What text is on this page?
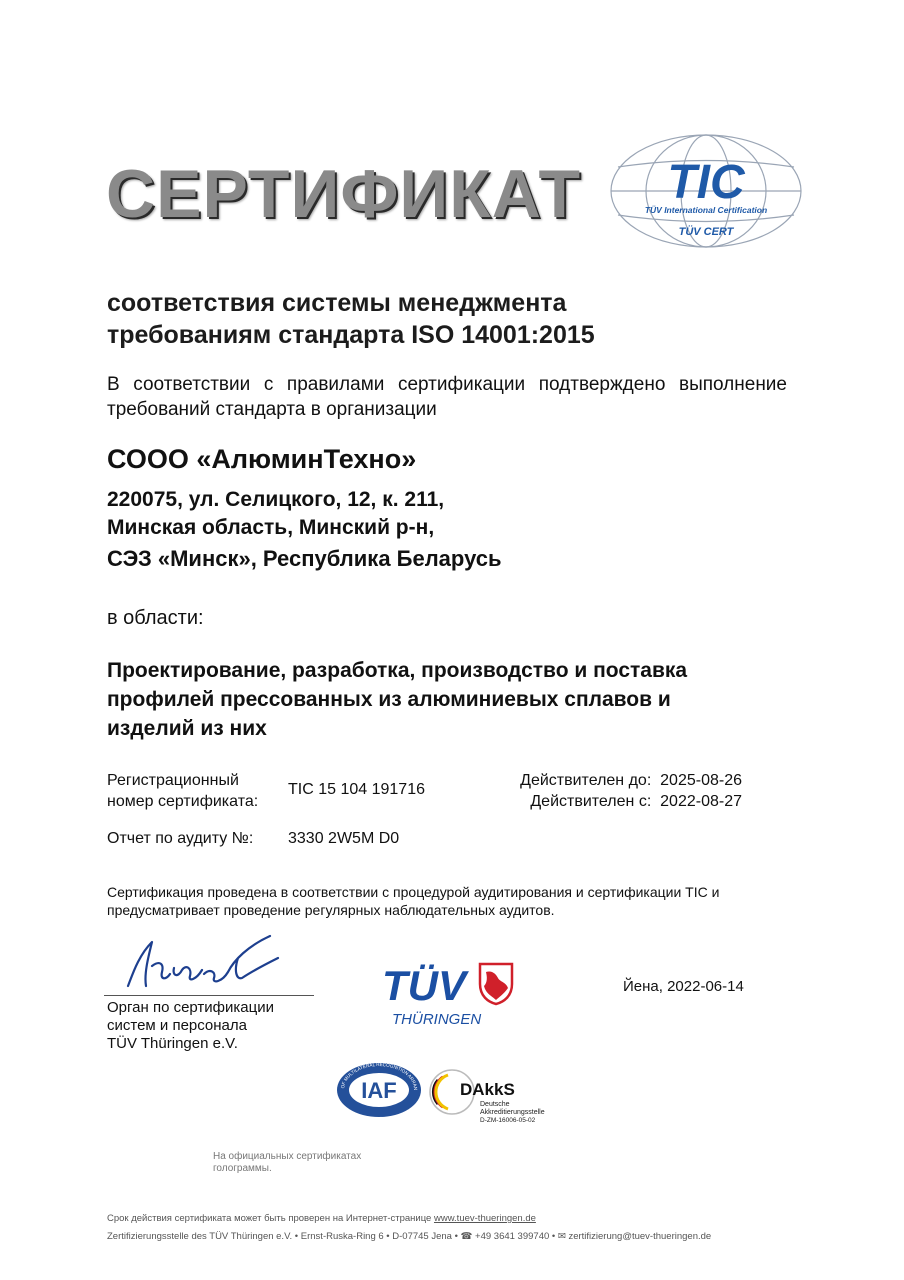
СЕРТИФИКАТ TIC
TÜV International Certification
TÜV CERT
соответствия системы менеджмента
требованиям стандарта ISO 14001:2015
В соответствии с правилами сертификации подтверждено выполнение требований стандарта в организации
СООО «АлюминТехно»
220075, ул. Селицкого, 12, к. 211,
Минская область, Минский р-н,
СЭЗ «Минск», Республика Беларусь
в области:
Проектирование, разработка, производство и поставка
профилей прессованных из алюминиевых сплавов и
изделий из них
Регистрационный
номер сертификата:
TIC 15 104 191716
Действителен до: 2025-08-26
Действителен с: 2022-08-27
Отчет по аудиту №: 3330 2W5M D0
Сертификация проведена в соответствии с процедурой аудитирования и сертификации TIC и
предусматривает проведение регулярных наблюдательных аудитов.
Орган по сертификации
систем и персонала
TÜV Thüringen e.V.
TÜV
THÜRINGEN
Йена, 2022-06-14
IAF
OF MULTILATERAL RECOGNITION ARRAN DAkkS
Deutsche
Akkreditierungsstelle
D-ZM-16006-05-02
На официальных сертификатах
голограммы.
Срок действия сертификата может быть проверен на Интернет-странице www.tuev-thueringen.de
Zertifizierungsstelle des TÜV Thüringen e.V. • Ernst-Ruska-Ring 6 • D-07745 Jena • ☎ +49 3641 399740 • ✉ zertifizierung@tuev-thueringen.de
